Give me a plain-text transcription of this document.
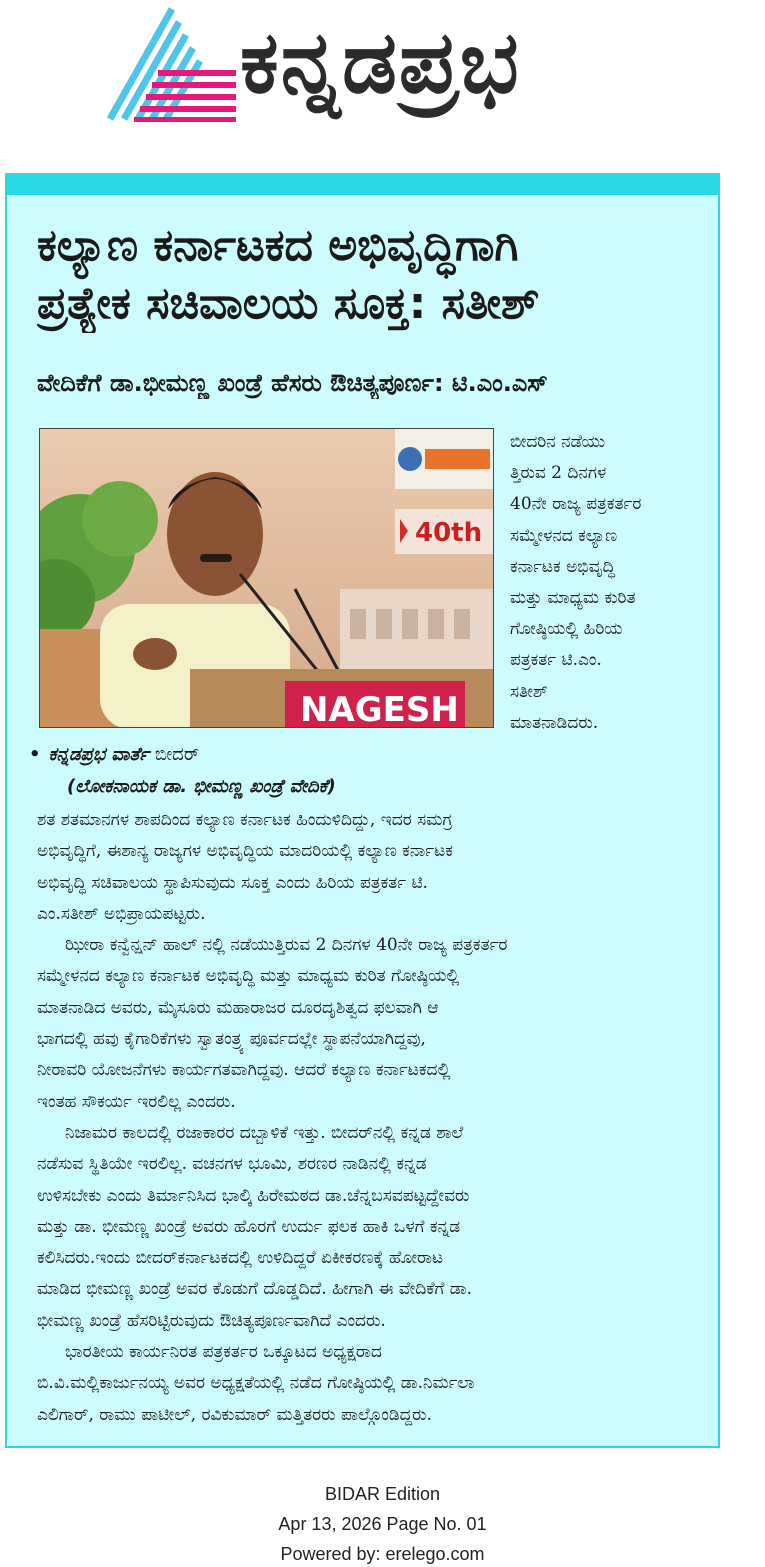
ಕನ್ನಡಪ್ರಭ
ಕಲ್ಯಾಣ ಕರ್ನಾಟಕದ ಅಭಿವೃದ್ಧಿಗಾಗಿ
ಪ್ರತ್ಯೇಕ ಸಚಿವಾಲಯ ಸೂಕ್ತ: ಸತೀಶ್
ವೇದಿಕೆಗೆ ಡಾ.ಭೀಮಣ್ಣ ಖಂಡ್ರೆ ಹೆಸರು ಔಚಿತ್ಯಪೂರ್ಣ: ಟಿ.ಎಂ.ಎಸ್
40th
NAGESH
ಬೀದರಿನ ನಡೆಯು
ತ್ತಿರುವ 2 ದಿನಗಳ
40ನೇ ರಾಜ್ಯ ಪತ್ರಕರ್ತರ
ಸಮ್ಮೇಳನದ ಕಲ್ಯಾಣ
ಕರ್ನಾಟಕ ಅಭಿವೃದ್ಧಿ
ಮತ್ತು ಮಾಧ್ಯಮ ಕುರಿತ
ಗೋಷ್ಠಿಯಲ್ಲಿ ಹಿರಿಯ
ಪತ್ರಕರ್ತ ಟಿ.ಎಂ.
ಸತೀಶ್
ಮಾತನಾಡಿದರು.
• ಕನ್ನಡಪ್ರಭ ವಾರ್ತೆ ಬೀದರ್
(ಲೋಕನಾಯಕ ಡಾ. ಭೀಮಣ್ಣ ಖಂಡ್ರೆ ವೇದಿಕೆ)
ಶತ ಶತಮಾನಗಳ ಶಾಪದಿಂದ ಕಲ್ಯಾಣ ಕರ್ನಾಟಕ ಹಿಂದುಳಿದಿದ್ದು, ಇದರ ಸಮಗ್ರ
ಅಭಿವೃದ್ಧಿಗೆ, ಈಶಾನ್ಯ ರಾಜ್ಯಗಳ ಅಭಿವೃದ್ಧಿಯ ಮಾದರಿಯಲ್ಲಿ ಕಲ್ಯಾಣ ಕರ್ನಾಟಕ
ಅಭಿವೃದ್ಧಿ ಸಚಿವಾಲಯ ಸ್ಥಾಪಿಸುವುದು ಸೂಕ್ತ ಎಂದು ಹಿರಿಯ ಪತ್ರಕರ್ತ ಟಿ.
ಎಂ.ಸತೀಶ್ ಅಭಿಪ್ರಾಯಪಟ್ಟರು.
ಝೀರಾ ಕನ್ವೆನ್ಷನ್ ಹಾಲ್ ನಲ್ಲಿ ನಡೆಯುತ್ತಿರುವ 2 ದಿನಗಳ 40ನೇ ರಾಜ್ಯ ಪತ್ರಕರ್ತರ
ಸಮ್ಮೇಳನದ ಕಲ್ಯಾಣ ಕರ್ನಾಟಕ ಅಭಿವೃದ್ಧಿ ಮತ್ತು ಮಾಧ್ಯಮ ಕುರಿತ ಗೋಷ್ಠಿಯಲ್ಲಿ
ಮಾತನಾಡಿದ ಅವರು, ಮೈಸೂರು ಮಹಾರಾಜರ ದೂರದೃಶಿತ್ವದ ಫಲವಾಗಿ ಆ
ಭಾಗದಲ್ಲಿ ಹವು ಕೈಗಾರಿಕೆಗಳು ಸ್ವಾತಂತ್ರ್ಯ ಪೂರ್ವದಲ್ಲೇ ಸ್ಥಾಪನೆಯಾಗಿದ್ದವು,
ನೀರಾವರಿ ಯೋಜನೆಗಳು ಕಾರ್ಯಗತವಾಗಿದ್ದವು. ಆದರೆ ಕಲ್ಯಾಣ ಕರ್ನಾಟಕದಲ್ಲಿ
ಇಂತಹ ಸೌಕರ್ಯ ಇರಲಿಲ್ಲ ಎಂದರು.
ನಿಜಾಮರ ಕಾಲದಲ್ಲಿ ರಜಾಕಾರರ ದಬ್ಬಾಳಿಕೆ ಇತ್ತು. ಬೀದರ್‌ನಲ್ಲಿ ಕನ್ನಡ ಶಾಲೆ
ನಡೆಸುವ ಸ್ಥಿತಿಯೇ ಇರಲಿಲ್ಲ. ವಚನಗಳ ಭೂಮಿ, ಶರಣರ ನಾಡಿನಲ್ಲಿ ಕನ್ನಡ
ಉಳಿಸಬೇಕು ಎಂದು ತಿರ್ಮಾನಿಸಿದ ಭಾಲ್ಕಿ ಹಿರೇಮಠದ ಡಾ.ಚೆನ್ನಬಸವಪಟ್ಟದ್ದೇವರು
ಮತ್ತು ಡಾ. ಭೀಮಣ್ಣ ಖಂಡ್ರೆ ಅವರು ಹೊರಗೆ ಉರ್ದು ಫಲಕ ಹಾಕಿ ಒಳಗೆ ಕನ್ನಡ
ಕಲಿಸಿದರು.ಇಂದು ಬೀದರ್‌ಕರ್ನಾಟಕದಲ್ಲಿ ಉಳಿದಿದ್ದರೆ ಏಕೀಕರಣಕ್ಕೆ ಹೋರಾಟ
ಮಾಡಿದ ಭೀಮಣ್ಣ ಖಂಡ್ರೆ ಅವರ ಕೊಡುಗೆ ದೊಡ್ಡದಿದೆ. ಹೀಗಾಗಿ ಈ ವೇದಿಕೆಗೆ ಡಾ.
ಭೀಮಣ್ಣ ಖಂಡ್ರೆ ಹೆಸರಿಟ್ಟಿರುವುದು ಔಚಿತ್ಯಪೂರ್ಣವಾಗಿದೆ ಎಂದರು.
ಭಾರತೀಯ ಕಾರ್ಯನಿರತ ಪತ್ರಕರ್ತರ ಒಕ್ಕೂಟದ ಅಧ್ಯಕ್ಷರಾದ
ಬಿ.ವಿ.ಮಲ್ಲಿಕಾರ್ಜುನಯ್ಯ ಅವರ ಅಧ್ಯಕ್ಷತೆಯಲ್ಲಿ ನಡೆದ ಗೋಷ್ಠಿಯಲ್ಲಿ ಡಾ.ನಿರ್ಮಲಾ
ಎಲಿಗಾರ್, ರಾಮು ಪಾಟೀಲ್, ರವಿಕುಮಾರ್ ಮತ್ತಿತರರು ಪಾಲ್ಗೊಂಡಿದ್ದರು.
BIDAR Edition
Apr 13, 2026 Page No. 01
Powered by: erelego.com
